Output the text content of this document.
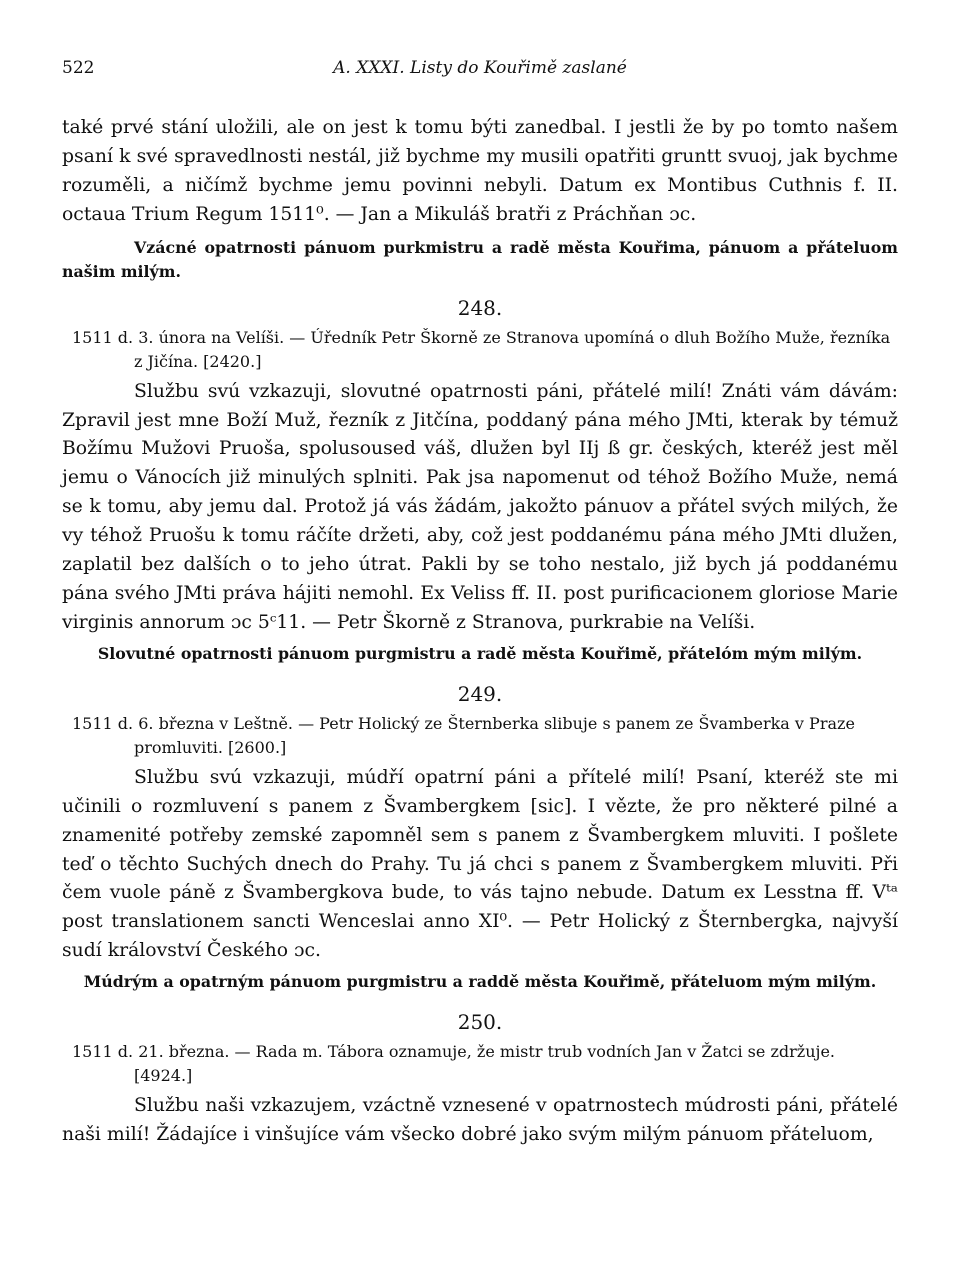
522	A. XXXI. Listy do Kouřimě zaslané

také prvé stání uložili, ale on jest k tomu býti zanedbal. I jestli že by po tomto našem psaní k své spravedlnosti nestál, již bychme my musili opatřiti gruntt svuoj, jak bychme rozuměli, a ničímž bychme jemu povinni nebyli. Datum ex Montibus Cuthnis f. II. octaua Trium Regum 1511⁰. — Jan a Mikuláš bratři z Práchňan ɔc.

Vzácné opatrnosti pánuom purkmistru a radě města Kouřima, pánuom a přáteluom našim milým.

248.

1511 d. 3. února na Velíši. — Úředník Petr Škorně ze Stranova upomíná o dluh Božího Muže, řezníka z Jičína. [2420.]

Službu svú vzkazuji, slovutné opatrnosti páni, přátelé milí! Znáti vám dávám: Zpravil jest mne Boží Muž, řezník z Jitčína, poddaný pána mého JMti, kterak by témuž Božímu Mužovi Pruoša, spolusoused váš, dlužen byl IIj ß gr. českých, kteréž jest měl jemu o Vánocích již minulých splniti. Pak jsa napomenut od téhož Božího Muže, nemá se k tomu, aby jemu dal. Protož já vás žádám, jakožto pánuov a přátel svých milých, že vy téhož Pruošu k tomu ráčíte držeti, aby, což jest poddanému pána mého JMti dlužen, zaplatil bez dalších o to jeho útrat. Pakli by se toho nestalo, již bych já poddanému pána svého JMti práva hájiti nemohl. Ex Veliss ff. II. post purificacionem gloriose Marie virginis annorum ɔc 5ᶜ11. — Petr Škorně z Stranova, purkrabie na Velíši.

Slovutné opatrnosti pánuom purgmistru a radě města Kouřimě, přátelóm mým milým.

249.

1511 d. 6. března v Leštně. — Petr Holický ze Šternberka slibuje s panem ze Švamberka v Praze promluviti. [2600.]

Službu svú vzkazuji, múdří opatrní páni a přítelé milí! Psaní, kteréž ste mi učinili o rozmluvení s panem z Švambergkem [sic]. I vězte, že pro některé pilné a znamenité potřeby zemské zapomněl sem s panem z Švambergkem mluviti. I pošlete teď o těchto Suchých dnech do Prahy. Tu já chci s panem z Švambergkem mluviti. Při čem vuole páně z Švambergkova bude, to vás tajno nebude. Datum ex Lesstna ff. Vᵗᵃ post translationem sancti Wenceslai anno XI⁰. — Petr Holický z Šternbergka, najvyší sudí království Českého ɔc.

Múdrým a opatrným pánuom purgmistru a raddě města Kouřimě, přáteluom mým milým.

250.

1511 d. 21. března. — Rada m. Tábora oznamuje, že mistr trub vodních Jan v Žatci se zdržuje. [4924.]

Službu naši vzkazujem, vzáctně vznesené v opatrnostech múdrosti páni, přátelé naši milí! Žádajíce i vinšujíce vám všecko dobré jako svým milým pánuom přáteluom,
